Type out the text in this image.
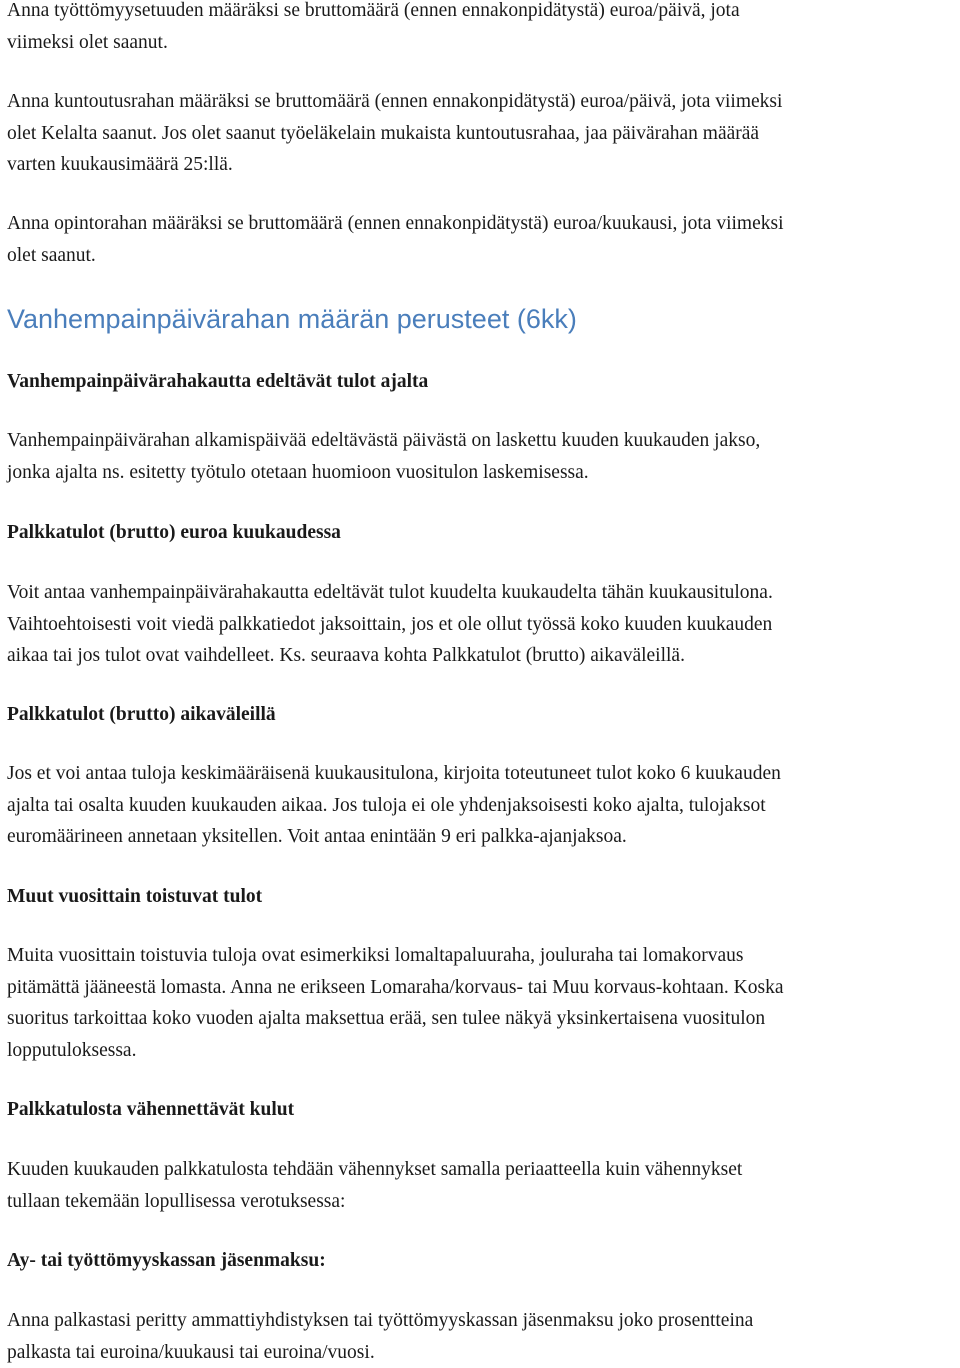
Anna työttömyysetuuden määräksi se bruttomäärä (ennen ennakonpidätystä) euroa/päivä, jota
viimeksi olet saanut.

Anna kuntoutusrahan määräksi se bruttomäärä (ennen ennakonpidätystä) euroa/päivä, jota viimeksi
olet Kelalta saanut. Jos olet saanut työeläkelain mukaista kuntoutusrahaa, jaa päivärahan määrää
varten kuukausimäärä 25:llä.

Anna opintorahan määräksi se bruttomäärä (ennen ennakonpidätystä) euroa/kuukausi, jota viimeksi
olet saanut.

Vanhempainpäivärahan määrän perusteet (6kk)
Vanhempainpäivärahakautta edeltävät tulot ajalta

Vanhempainpäivärahan alkamispäivää edeltävästä päivästä on laskettu kuuden kuukauden jakso,
jonka ajalta ns. esitetty työtulo otetaan huomioon vuositulon laskemisessa.

Palkkatulot (brutto) euroa kuukaudessa

Voit antaa vanhempainpäivärahakautta edeltävät tulot kuudelta kuukaudelta tähän kuukausitulona.
Vaihtoehtoisesti voit viedä palkkatiedot jaksoittain, jos et ole ollut työssä koko kuuden kuukauden
aikaa tai jos tulot ovat vaihdelleet. Ks. seuraava kohta Palkkatulot (brutto) aikaväleillä.

Palkkatulot (brutto) aikaväleillä

Jos et voi antaa tuloja keskimääräisenä kuukausitulona, kirjoita toteutuneet tulot koko 6 kuukauden
ajalta tai osalta kuuden kuukauden aikaa. Jos tuloja ei ole yhdenjaksoisesti koko ajalta, tulojaksot
euromäärineen annetaan yksitellen. Voit antaa enintään 9 eri palkka-ajanjaksoa.

Muut vuosittain toistuvat tulot

Muita vuosittain toistuvia tuloja ovat esimerkiksi lomaltapaluuraha, jouluraha tai lomakorvaus
pitämättä jääneestä lomasta. Anna ne erikseen Lomaraha/korvaus- tai Muu korvaus-kohtaan. Koska
suoritus tarkoittaa koko vuoden ajalta maksettua erää, sen tulee näkyä yksinkertaisena vuositulon
lopputuloksessa.

Palkkatulosta vähennettävät kulut

Kuuden kuukauden palkkatulosta tehdään vähennykset samalla periaatteella kuin vähennykset
tullaan tekemään lopullisessa verotuksessa:

Ay- tai työttömyyskassan jäsenmaksu:

Anna palkastasi peritty ammattiyhdistyksen tai työttömyyskassan jäsenmaksu joko prosentteina
palkasta tai euroina/kuukausi tai euroina/vuosi.
